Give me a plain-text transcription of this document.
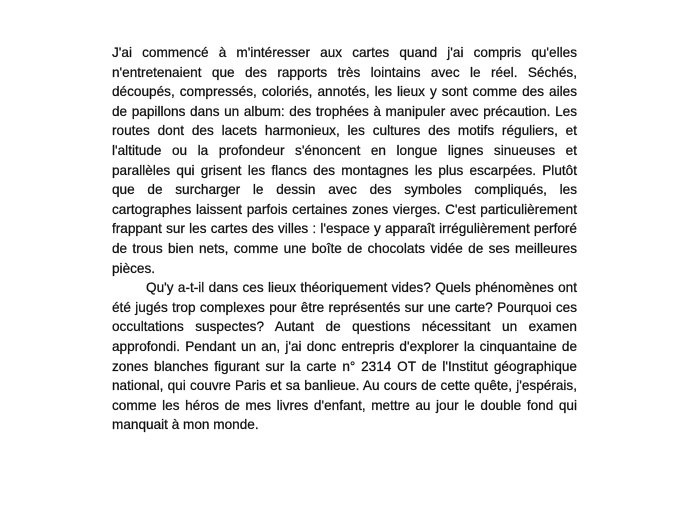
J'ai commencé à m'intéresser aux cartes quand j'ai compris qu'elles n'entretenaient que des rapports très lointains avec le réel. Séchés, découpés, compressés, coloriés, annotés, les lieux y sont comme des ailes de papillons dans un album: des trophées à manipuler avec précaution. Les routes dont des lacets harmonieux, les cultures des motifs réguliers, et l'altitude ou la profondeur s'énoncent en longue lignes sinueuses et parallèles qui grisent les flancs des montagnes les plus escarpées. Plutôt que de surcharger le dessin avec des symboles compliqués, les cartographes laissent parfois certaines zones vierges. C'est particulièrement frappant sur les cartes des villes : l'espace y apparaît irrégulièrement perforé de trous bien nets, comme une boîte de chocolats vidée de ses meilleures pièces.

Qu'y a-t-il dans ces lieux théoriquement vides? Quels phénomènes ont été jugés trop complexes pour être représentés sur une carte? Pourquoi ces occultations suspectes? Autant de questions nécessitant un examen approfondi. Pendant un an, j'ai donc entrepris d'explorer la cinquantaine de zones blanches figurant sur la carte n° 2314 OT de l'Institut géographique national, qui couvre Paris et sa banlieue. Au cours de cette quête, j'espérais, comme les héros de mes livres d'enfant, mettre au jour le double fond qui manquait à mon monde.
